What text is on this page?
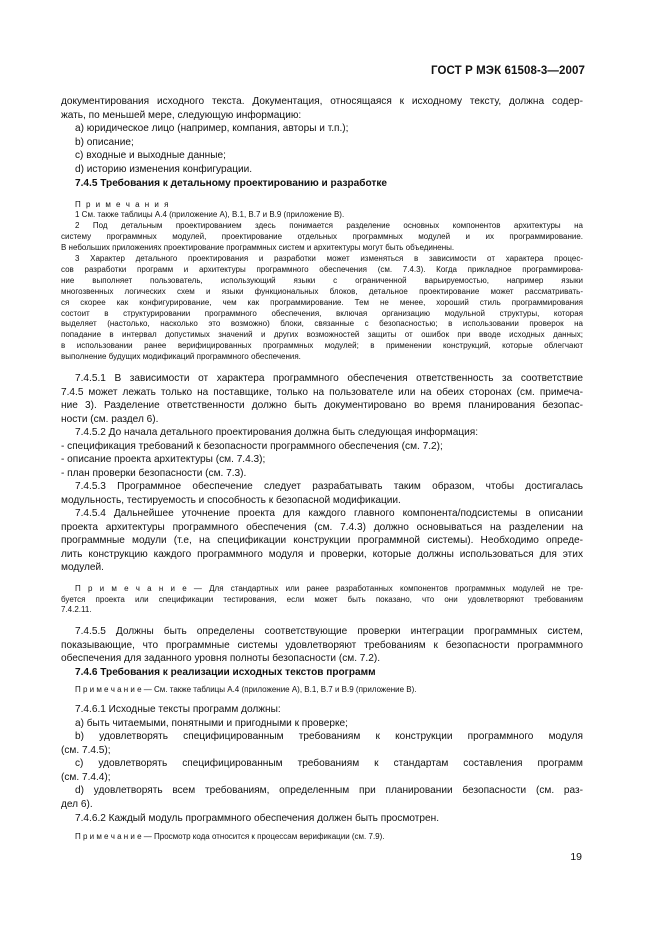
ГОСТ Р МЭК 61508-3—2007

документирования исходного текста. Документация, относящаяся к исходному тексту, должна содер-

жать, по меньшей мере, следующую информацию:

a) юридическое лицо (например, компания, авторы и т.п.);

b) описание;

c) входные и выходные данные;

d) историю изменения конфигурации.

7.4.5 Требования к детальному проектированию и разработке

П р и м е ч а н и я

1 См. также таблицы А.4 (приложение А), В.1, В.7 и В.9 (приложение В).

2 Под детальным проектированием здесь понимается разделение основных компонентов архитектуры на

систему программных модулей, проектирование отдельных программных модулей и их программирование.

В небольших приложениях проектирование программных систем и архитектуры могут быть объединены.

3 Характер детального проектирования и разработки может изменяться в зависимости от характера процес-

сов разработки программ и архитектуры программного обеспечения (см. 7.4.3). Когда прикладное программирова-

ние выполняет пользователь, использующий языки с ограниченной варьируемостью, например языки

многозвенных логических схем и языки функциональных блоков, детальное проектирование может рассматривать-

ся скорее как конфигурирование, чем как программирование. Тем не менее, хороший стиль программирования

состоит в структурировании программного обеспечения, включая организацию модульной структуры, которая

выделяет (настолько, насколько это возможно) блоки, связанные с безопасностью; в использовании проверок на

попадание в интервал допустимых значений и других возможностей защиты от ошибок при вводе исходных данных;

в использовании ранее верифицированных программных модулей; в применении конструкций, которые облегчают

выполнение будущих модификаций программного обеспечения.

7.4.5.1 В зависимости от характера программного обеспечения ответственность за соответствие

7.4.5 может лежать только на поставщике, только на пользователе или на обеих сторонах (см. примеча-

ние 3). Разделение ответственности должно быть документировано во время планирования безопас-

ности (см. раздел 6).

7.4.5.2 До начала детального проектирования должна быть следующая информация:

- спецификация требований к безопасности программного обеспечения (см. 7.2);

- описание проекта архитектуры (см. 7.4.3);

- план проверки безопасности (см. 7.3).

7.4.5.3 Программное обеспечение следует разрабатывать таким образом, чтобы достигалась

модульность, тестируемость и способность к безопасной модификации.

7.4.5.4 Дальнейшее уточнение проекта для каждого главного компонента/подсистемы в описании

проекта архитектуры программного обеспечения (см. 7.4.3) должно основываться на разделении на

программные модули (т.е, на спецификации конструкции программной системы). Необходимо опреде-

лить конструкцию каждого программного модуля и проверки, которые должны использоваться для этих

модулей.

П р и м е ч а н и е — Для стандартных или ранее разработанных компонентов программных модулей не тре-

буется проекта или спецификации тестирования, если может быть показано, что они удовлетворяют требованиям

7.4.2.11.

7.4.5.5 Должны быть определены соответствующие проверки интеграции программных систем,

показывающие, что программные системы удовлетворяют требованиям к безопасности программного

обеспечения для заданного уровня полноты безопасности (см. 7.2).

7.4.6 Требования к реализации исходных текстов программ

П р и м е ч а н и е — См. также таблицы А.4 (приложение А), В.1, В.7 и В.9 (приложение В).

7.4.6.1 Исходные тексты программ должны:

a) быть читаемыми, понятными и пригодными к проверке;

b) удовлетворять специфицированным требованиям к конструкции программного модуля

(см. 7.4.5);

c) удовлетворять специфицированным требованиям к стандартам составления программ

(см. 7.4.4);

d) удовлетворять всем требованиям, определенным при планировании безопасности (см. раз-

дел 6).

7.4.6.2 Каждый модуль программного обеспечения должен быть просмотрен.

П р и м е ч а н и е — Просмотр кода относится к процессам верификации (см. 7.9).

19
